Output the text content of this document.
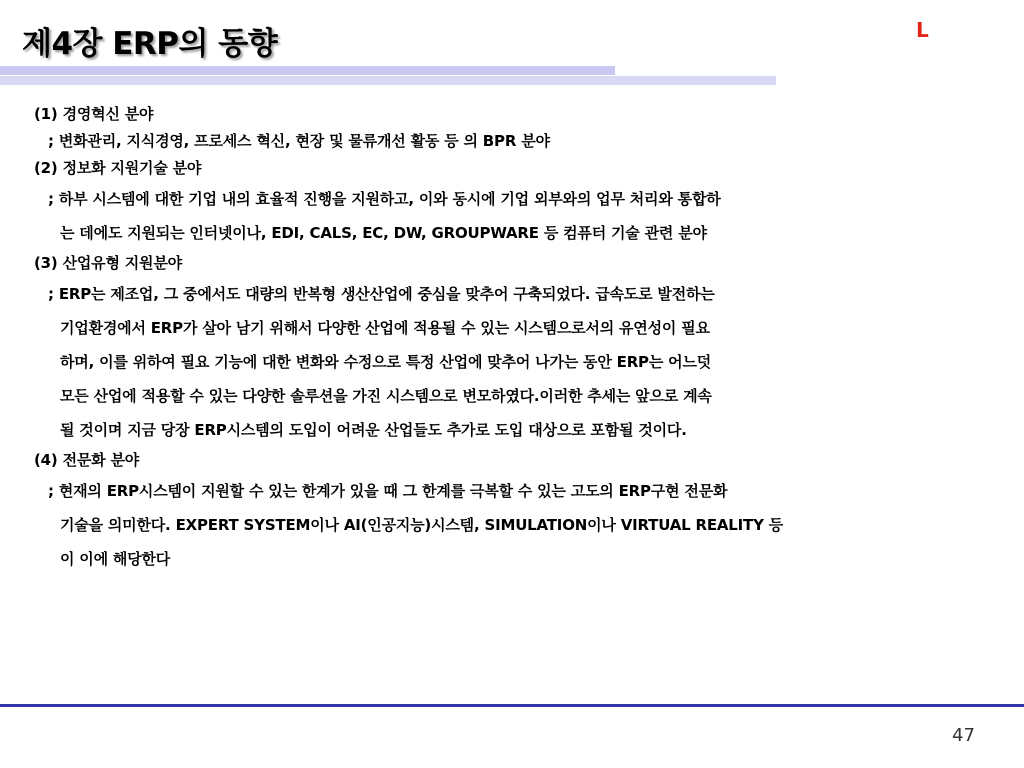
제4장 ERP의 동향	L
(1) 경영혁신 분야
; 변화관리, 지식경영, 프로세스 혁신, 현장 및 물류개선 활동 등 의 BPR 분야
(2) 정보화 지원기술 분야
; 하부 시스템에 대한 기업 내의 효율적 진행을 지원하고, 이와 동시에 기업 외부와의 업무 처리와 통합하
는 데에도 지원되는 인터넷이나, EDI, CALS, EC, DW, GROUPWARE 등 컴퓨터 기술 관련 분야
(3) 산업유형 지원분야
; ERP는 제조업, 그 중에서도 대량의 반복형 생산산업에 중심을 맞추어 구축되었다. 급속도로 발전하는
기업환경에서 ERP가 살아 남기 위해서 다양한 산업에 적용될 수 있는 시스템으로서의 유연성이 필요
하며, 이를 위하여 필요 기능에 대한 변화와 수정으로 특정 산업에 맞추어 나가는 동안 ERP는 어느덧
모든 산업에 적용할 수 있는 다양한 솔루션을 가진 시스템으로 변모하였다.이러한 추세는 앞으로 계속
될 것이며 지금 당장 ERP시스템의 도입이 어려운 산업들도 추가로 도입 대상으로 포함될 것이다.
(4) 전문화 분야
; 현재의 ERP시스템이 지원할 수 있는 한계가 있을 때 그 한계를 극복할 수 있는 고도의 ERP구현 전문화
기술을 의미한다. EXPERT SYSTEM이나 AI(인공지능)시스템, SIMULATION이나 VIRTUAL REALITY 등
이 이에 해당한다
47
